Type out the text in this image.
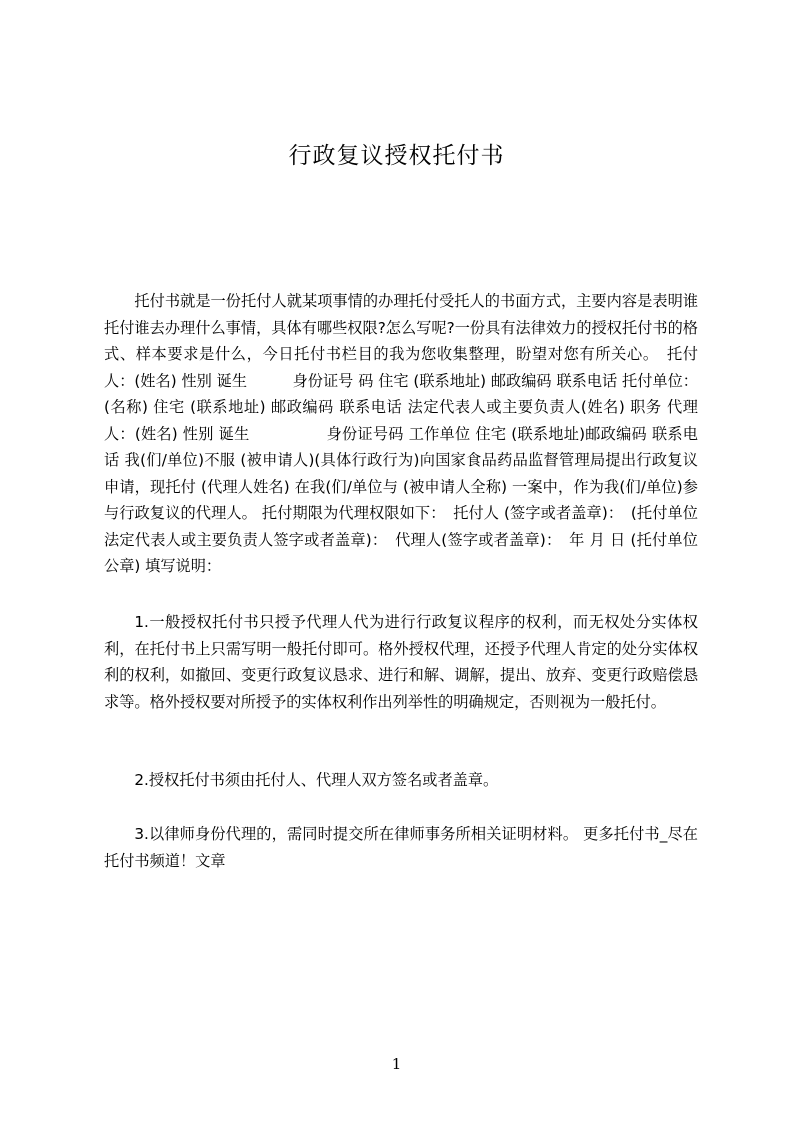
行政复议授权托付书

托付书就是一份托付人就某项事情的办理托付受托人的书面方式，主要内容是表明谁托付谁去办理什么事情，具体有哪些权限?怎么写呢?一份具有法律效力的授权托付书的格式、样本要求是什么，今日托付书栏目的我为您收集整理，盼望对您有所关心。　托付人：(姓名) 性别 诞生　　　身份证号 码 住宅 (联系地址) 邮政编码 联系电话 托付单位：(名称) 住宅 (联系地址) 邮政编码 联系电话 法定代表人或主要负责人(姓名) 职务 代理人：(姓名) 性别 诞生　　　　　身份证号码 工作单位 住宅 (联系地址)邮政编码 联系电话 我(们/单位)不服 (被申请人)(具体行政行为)向国家食品药品监督管理局提出行政复议申请，现托付 (代理人姓名) 在我(们/单位与 (被申请人全称) 一案中，作为我(们/单位)参与行政复议的代理人。 托付期限为代理权限如下：　托付人 (签字或者盖章)：　(托付单位法定代表人或主要负责人签字或者盖章)：　代理人(签字或者盖章)：　年 月 日 (托付单位公章) 填写说明：

1.一般授权托付书只授予代理人代为进行行政复议程序的权利，而无权处分实体权利，在托付书上只需写明一般托付即可。格外授权代理，还授予代理人肯定的处分实体权利的权利，如撤回、变更行政复议恳求、进行和解、调解，提出、放弃、变更行政赔偿恳求等。格外授权要对所授予的实体权利作出列举性的明确规定，否则视为一般托付。

2.授权托付书须由托付人、代理人双方签名或者盖章。

3.以律师身份代理的，需同时提交所在律师事务所相关证明材料。 更多托付书_尽在托付书频道！文章

1
